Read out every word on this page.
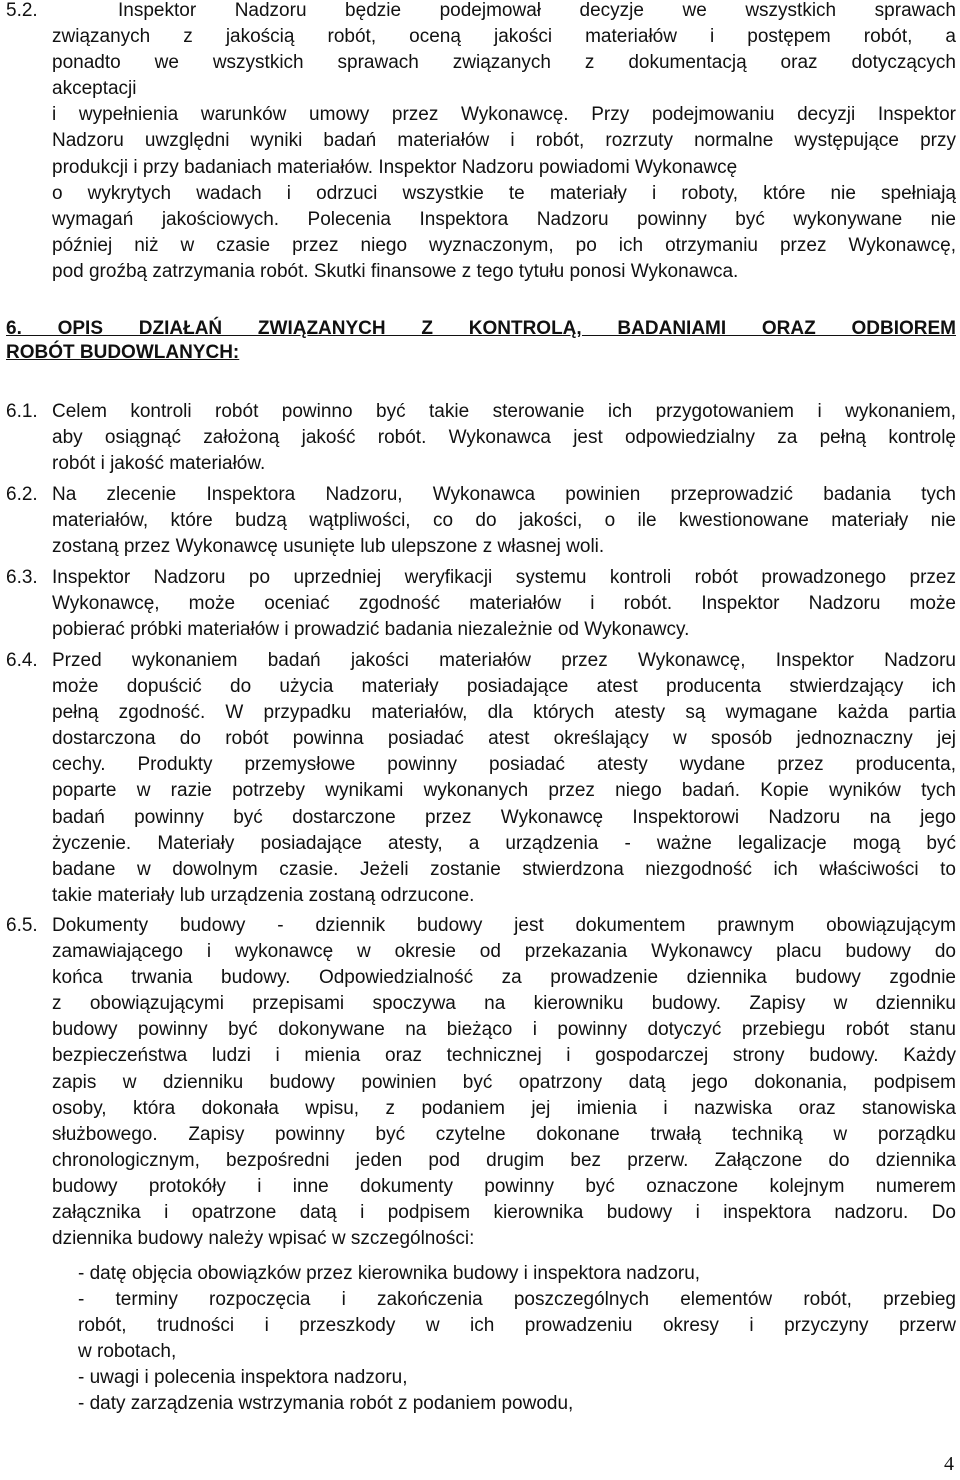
5.2.	Inspektor Nadzoru będzie podejmował decyzje we wszystkich sprawach
związanych z jakością robót, oceną jakości materiałów i postępem robót, a
ponadto we wszystkich sprawach związanych z dokumentacją oraz dotyczących
akceptacji
i wypełnienia warunków umowy przez Wykonawcę. Przy podejmowaniu decyzji Inspektor
Nadzoru uwzględni wyniki badań materiałów i robót, rozrzuty normalne występujące przy
produkcji i przy badaniach materiałów. Inspektor Nadzoru powiadomi Wykonawcę
o wykrytych wadach i odrzuci wszystkie te materiały i roboty, które nie spełniają
wymagań jakościowych. Polecenia Inspektora Nadzoru powinny być wykonywane nie
później niż w czasie przez niego wyznaczonym, po ich otrzymaniu przez Wykonawcę,
pod groźbą zatrzymania robót. Skutki finansowe z tego tytułu ponosi Wykonawca.
6. OPIS DZIAŁAŃ ZWIĄZANYCH Z KONTROLĄ, BADANIAMI ORAZ ODBIOREM
ROBÓT BUDOWLANYCH:
6.1. Celem kontroli robót powinno być takie sterowanie ich przygotowaniem i wykonaniem,
aby osiągnąć założoną jakość robót. Wykonawca jest odpowiedzialny za pełną kontrolę
robót i jakość materiałów.
6.2. Na zlecenie Inspektora Nadzoru, Wykonawca powinien przeprowadzić badania tych
materiałów, które budzą wątpliwości, co do jakości, o ile kwestionowane materiały nie
zostaną przez Wykonawcę usunięte lub ulepszone z własnej woli.
6.3. Inspektor Nadzoru po uprzedniej weryfikacji systemu kontroli robót prowadzonego przez
Wykonawcę, może oceniać zgodność materiałów i robót. Inspektor Nadzoru może
pobierać próbki materiałów i prowadzić badania niezależnie od Wykonawcy.
6.4. Przed wykonaniem badań jakości materiałów przez Wykonawcę, Inspektor Nadzoru
może dopuścić do użycia materiały posiadające atest producenta stwierdzający ich
pełną zgodność. W przypadku materiałów, dla których atesty są wymagane każda partia
dostarczona do robót powinna posiadać atest określający w sposób jednoznaczny jej
cechy. Produkty przemysłowe powinny posiadać atesty wydane przez producenta,
poparte w razie potrzeby wynikami wykonanych przez niego badań. Kopie wyników tych
badań powinny być dostarczone przez Wykonawcę Inspektorowi Nadzoru na jego
życzenie. Materiały posiadające atesty, a urządzenia - ważne legalizacje mogą być
badane w dowolnym czasie. Jeżeli zostanie stwierdzona niezgodność ich właściwości to
takie materiały lub urządzenia zostaną odrzucone.
6.5. Dokumenty budowy - dziennik budowy jest dokumentem prawnym obowiązującym
zamawiającego i wykonawcę w okresie od przekazania Wykonawcy placu budowy do
końca trwania budowy. Odpowiedzialność za prowadzenie dziennika budowy zgodnie
z obowiązującymi przepisami spoczywa na kierowniku budowy. Zapisy w dzienniku
budowy powinny być dokonywane na bieżąco i powinny dotyczyć przebiegu robót stanu
bezpieczeństwa ludzi i mienia oraz technicznej i gospodarczej strony budowy. Każdy
zapis w dzienniku budowy powinien być opatrzony datą jego dokonania, podpisem
osoby, która dokonała wpisu, z podaniem jej imienia i nazwiska oraz stanowiska
służbowego. Zapisy powinny być czytelne dokonane trwałą techniką w porządku
chronologicznym, bezpośredni jeden pod drugim bez przerw. Załączone do dziennika
budowy protokóły i inne dokumenty powinny być oznaczone kolejnym numerem
załącznika i opatrzone datą i podpisem kierownika budowy i inspektora nadzoru. Do
dziennika budowy należy wpisać w szczególności:
- datę objęcia obowiązków przez kierownika budowy i inspektora nadzoru,
- terminy rozpoczęcia i zakończenia poszczególnych elementów robót, przebieg
robót, trudności i przeszkody w ich prowadzeniu okresy i przyczyny przerw
w robotach,
- uwagi i polecenia inspektora nadzoru,
- daty zarządzenia wstrzymania robót z podaniem powodu,
4
